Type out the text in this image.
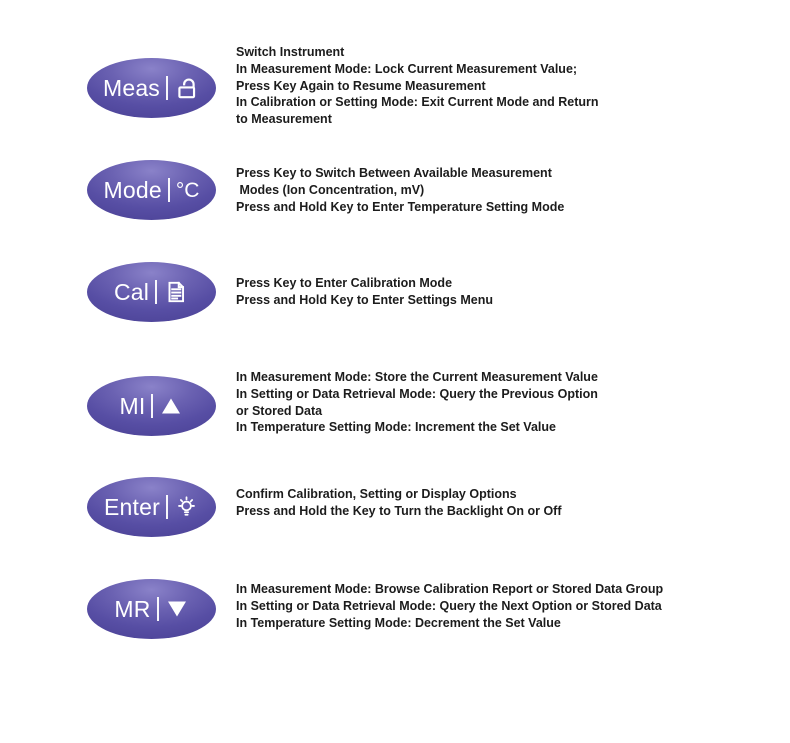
Meas
Switch Instrument
In Measurement Mode: Lock Current Measurement Value;
Press Key Again to Resume Measurement
In Calibration or Setting Mode: Exit Current Mode and Return
to Measurement
Mode °C
Press Key to Switch Between Available Measurement
Modes (Ion Concentration, mV)
Press and Hold Key to Enter Temperature Setting Mode
Cal	Press Key to Enter Calibration Mode
Press and Hold Key to Enter Settings Menu
MI
In Measurement Mode: Store the Current Measurement Value
In Setting or Data Retrieval Mode: Query the Previous Option
or Stored Data
In Temperature Setting Mode: Increment the Set Value
Enter	Confirm Calibration, Setting or Display Options
Press and Hold the Key to Turn the Backlight On or Off
MR
In Measurement Mode: Browse Calibration Report or Stored Data Group
In Setting or Data Retrieval Mode: Query the Next Option or Stored Data
In Temperature Setting Mode: Decrement the Set Value
